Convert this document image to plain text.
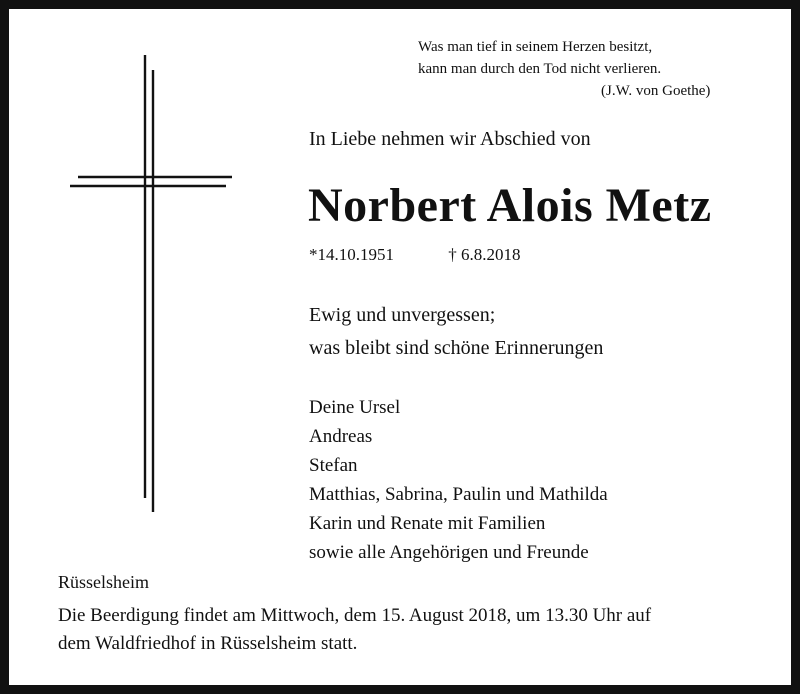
Was man tief in seinem Herzen besitzt,
kann man durch den Tod nicht verlieren.

(J.W. von Goethe)
In Liebe nehmen wir Abschied von
Norbert Alois Metz
*14.10.1951	† 6.8.2018
Ewig und unvergessen;
was bleibt sind schöne Erinnerungen
Deine Ursel
Andreas
Stefan
Matthias, Sabrina, Paulin und Mathilda
Karin und Renate mit Familien
sowie alle Angehörigen und Freunde
Rüsselsheim
Die Beerdigung findet am Mittwoch, dem 15. August 2018, um 13.30 Uhr auf
dem Waldfriedhof in Rüsselsheim statt.
